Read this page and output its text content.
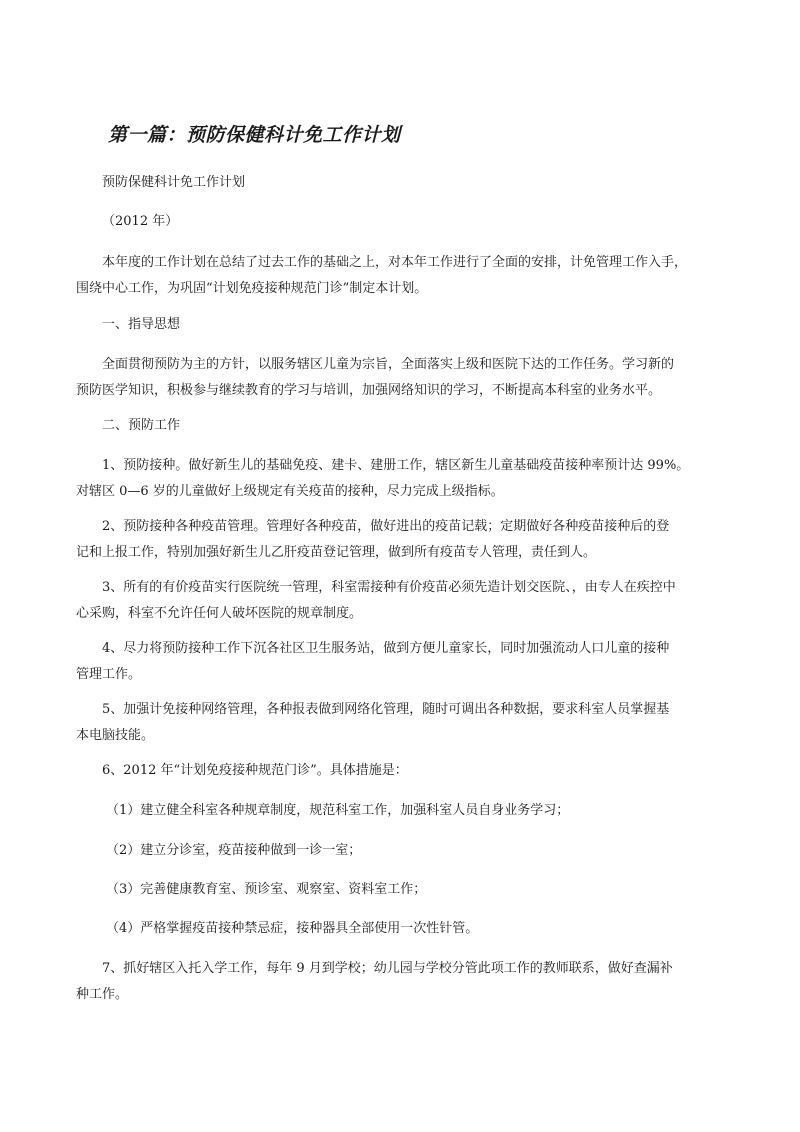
第一篇：预防保健科计免工作计划

预防保健科计免工作计划

（2012 年）

本年度的工作计划在总结了过去工作的基础之上，对本年工作进行了全面的安排，计免管理工作入手，
围绕中心工作，为巩固“计划免疫接种规范门诊”制定本计划。

一、指导思想

全面贯彻预防为主的方针，以服务辖区儿童为宗旨，全面落实上级和医院下达的工作任务。学习新的
预防医学知识，积极参与继续教育的学习与培训，加强网络知识的学习，不断提高本科室的业务水平。

二、预防工作

1、预防接种。做好新生儿的基础免疫、建卡、建册工作，辖区新生儿童基础疫苗接种率预计达 99%。
对辖区 0—6 岁的儿童做好上级规定有关疫苗的接种，尽力完成上级指标。

2、预防接种各种疫苗管理。管理好各种疫苗，做好进出的疫苗记载；定期做好各种疫苗接种后的登
记和上报工作，特别加强好新生儿乙肝疫苗登记管理，做到所有疫苗专人管理，责任到人。

3、所有的有价疫苗实行医院统一管理，科室需接种有价疫苗必须先造计划交医院、，由专人在疾控中
心采购，科室不允许任何人破坏医院的规章制度。

4、尽力将预防接种工作下沉各社区卫生服务站，做到方便儿童家长，同时加强流动人口儿童的接种
管理工作。

5、加强计免接种网络管理，各种报表做到网络化管理，随时可调出各种数据，要求科室人员掌握基
本电脑技能。

6、2012 年“计划免疫接种规范门诊”。具体措施是：

（1）建立健全科室各种规章制度，规范科室工作，加强科室人员自身业务学习；

（2）建立分诊室，疫苗接种做到一诊一室；

（3）完善健康教育室、预诊室、观察室、资料室工作；

（4）严格掌握疫苗接种禁忌症，接种器具全部使用一次性针管。

7、抓好辖区入托入学工作，每年 9 月到学校；幼儿园与学校分管此项工作的教师联系，做好查漏补
种工作。
